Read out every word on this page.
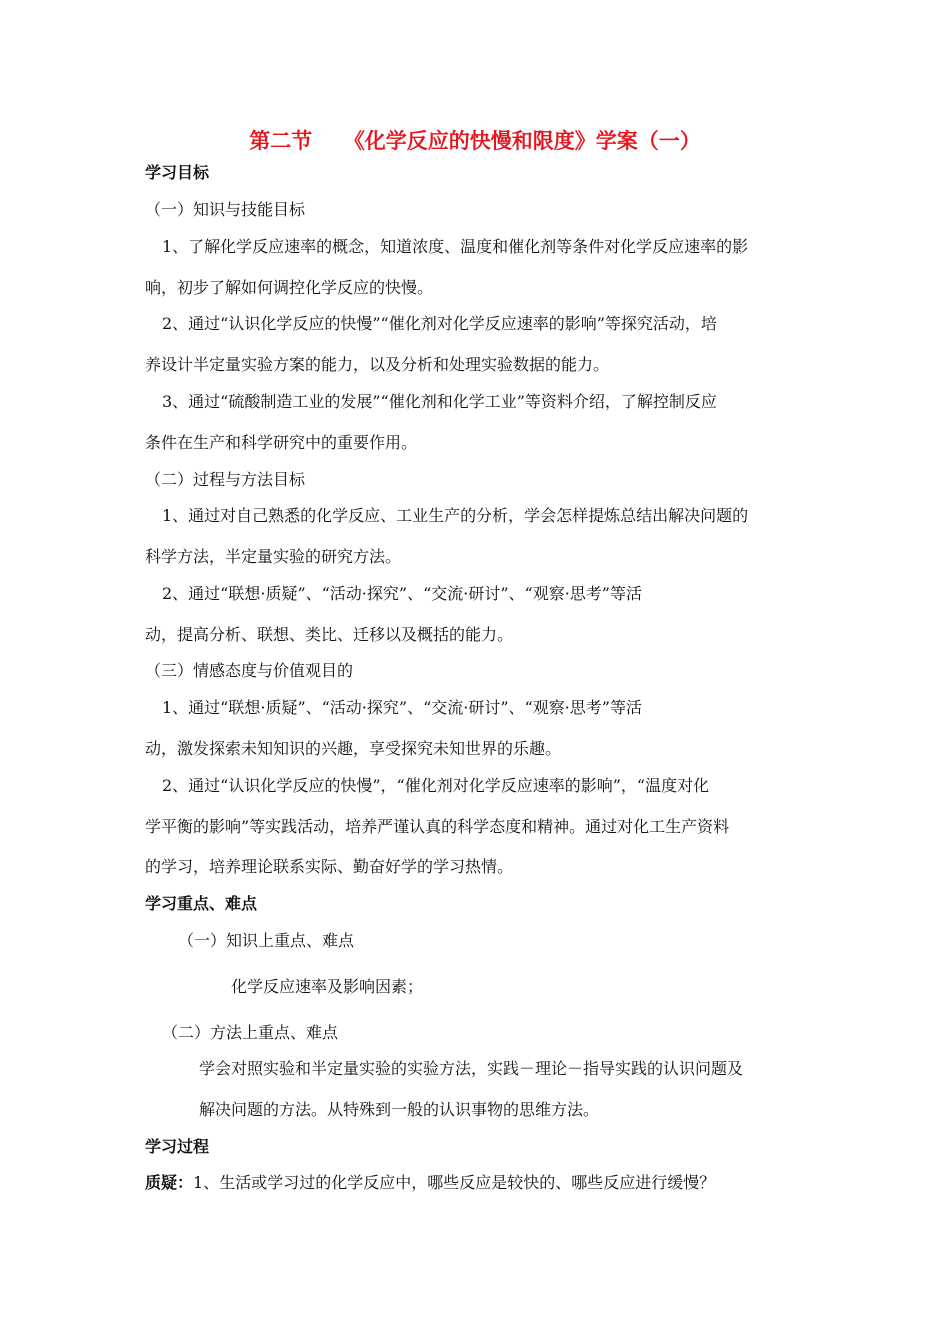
第二节　　《化学反应的快慢和限度》学案（一）
学习目标
（一）知识与技能目标
1、了解化学反应速率的概念，知道浓度、温度和催化剂等条件对化学反应速率的影
响，初步了解如何调控化学反应的快慢。
2、通过“认识化学反应的快慢”“催化剂对化学反应速率的影响”等探究活动，培
养设计半定量实验方案的能力，以及分析和处理实验数据的能力。
3、通过“硫酸制造工业的发展”“催化剂和化学工业”等资料介绍，了解控制反应
条件在生产和科学研究中的重要作用。
（二）过程与方法目标
1、通过对自己熟悉的化学反应、工业生产的分析，学会怎样提炼总结出解决问题的
科学方法，半定量实验的研究方法。
2、通过“联想·质疑”、“活动·探究”、“交流·研讨”、“观察·思考”等活
动，提高分析、联想、类比、迁移以及概括的能力。
（三）情感态度与价值观目的
1、通过“联想·质疑”、“活动·探究”、“交流·研讨”、“观察·思考”等活
动，激发探索未知知识的兴趣，享受探究未知世界的乐趣。
2、通过“认识化学反应的快慢”，“催化剂对化学反应速率的影响”，“温度对化
学平衡的影响”等实践活动，培养严谨认真的科学态度和精神。通过对化工生产资料
的学习，培养理论联系实际、勤奋好学的学习热情。
学习重点、难点
（一）知识上重点、难点
化学反应速率及影响因素；
（二）方法上重点、难点
学会对照实验和半定量实验的实验方法，实践－理论－指导实践的认识问题及
解决问题的方法。从特殊到一般的认识事物的思维方法。
学习过程
质疑：1、生活或学习过的化学反应中，哪些反应是较快的、哪些反应进行缓慢？
